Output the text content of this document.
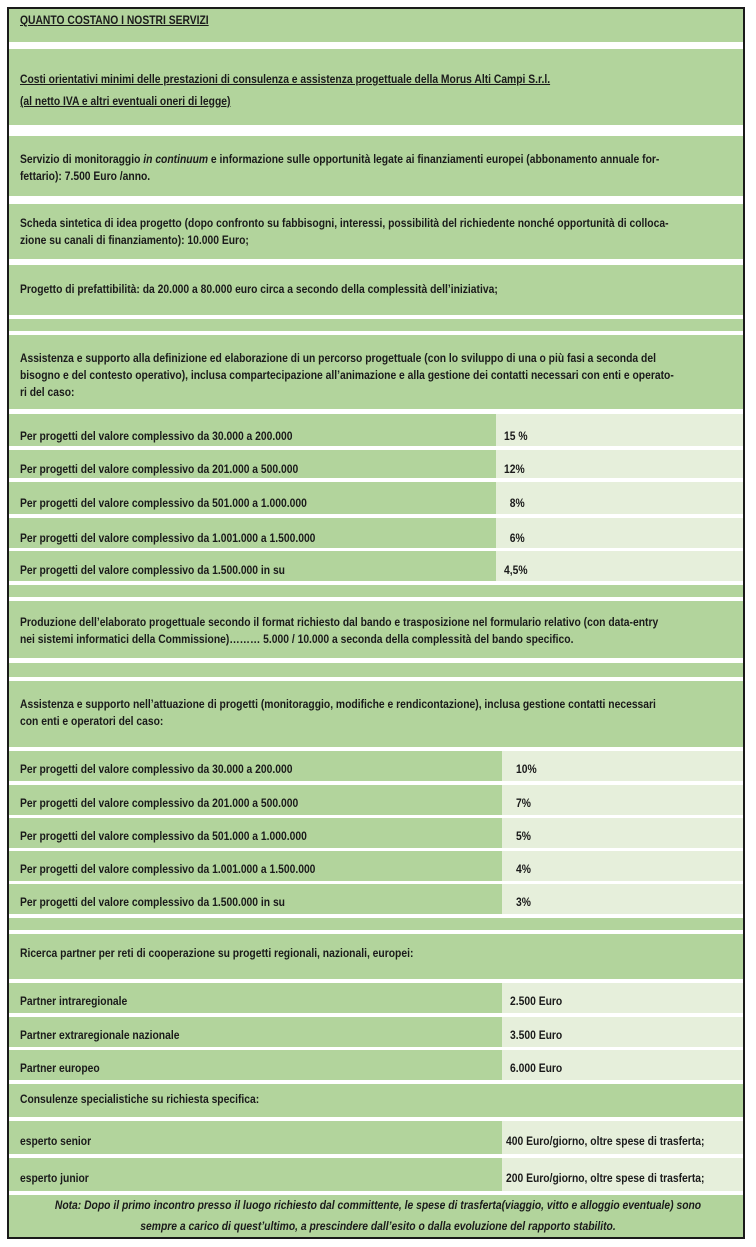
QUANTO COSTANO I NOSTRI SERVIZI
Costi orientativi minimi delle prestazioni di consulenza e assistenza progettuale della Morus Alti Campi S.r.l.
(al netto IVA e altri eventuali oneri di legge)
Servizio di monitoraggio in continuum e informazione sulle opportunità legate ai finanziamenti europei (abbonamento annuale for-
fettario): 7.500 Euro /anno.
Scheda sintetica di idea progetto (dopo confronto su fabbisogni, interessi, possibilità del richiedente nonché opportunità di colloca-
zione su canali di finanziamento): 10.000 Euro;
Progetto di prefattibilità: da 20.000 a 80.000 euro circa a secondo della complessità dell’iniziativa;
Assistenza e supporto alla definizione ed elaborazione di un percorso progettuale (con lo sviluppo di una o più fasi a seconda del
bisogno e del contesto operativo), inclusa compartecipazione all’animazione e alla gestione dei contatti necessari con enti e operato-
ri del caso:
Per progetti del valore complessivo da 30.000 a 200.000	15 %
Per progetti del valore complessivo da 201.000 a 500.000	12%
Per progetti del valore complessivo da 501.000 a 1.000.000	8%
Per progetti del valore complessivo da 1.001.000 a 1.500.000	6%
Per progetti del valore complessivo da 1.500.000 in su	4,5%
Produzione dell’elaborato progettuale secondo il format richiesto dal bando e trasposizione nel formulario relativo (con data-entry
nei sistemi informatici della Commissione)……… 5.000 / 10.000 a seconda della complessità del bando specifico.
Assistenza e supporto nell’attuazione di progetti (monitoraggio, modifiche e rendicontazione), inclusa gestione contatti necessari
con enti e operatori del caso:
Per progetti del valore complessivo da 30.000 a 200.000	10%
Per progetti del valore complessivo da 201.000 a 500.000	7%
Per progetti del valore complessivo da 501.000 a 1.000.000	5%
Per progetti del valore complessivo da 1.001.000 a 1.500.000	4%
Per progetti del valore complessivo da 1.500.000 in su	3%
Ricerca partner per reti di cooperazione su progetti regionali, nazionali, europei:
Partner intraregionale	2.500 Euro
Partner extraregionale nazionale	3.500 Euro
Partner europeo	6.000 Euro
Consulenze specialistiche su richiesta specifica:
esperto senior	400 Euro/giorno, oltre spese di trasferta;
esperto junior	200 Euro/giorno, oltre spese di trasferta;
Nota: Dopo il primo incontro presso il luogo richiesto dal committente, le spese di trasferta(viaggio, vitto e alloggio eventuale) sono
sempre a carico di quest’ultimo, a prescindere dall’esito o dalla evoluzione del rapporto stabilito.
